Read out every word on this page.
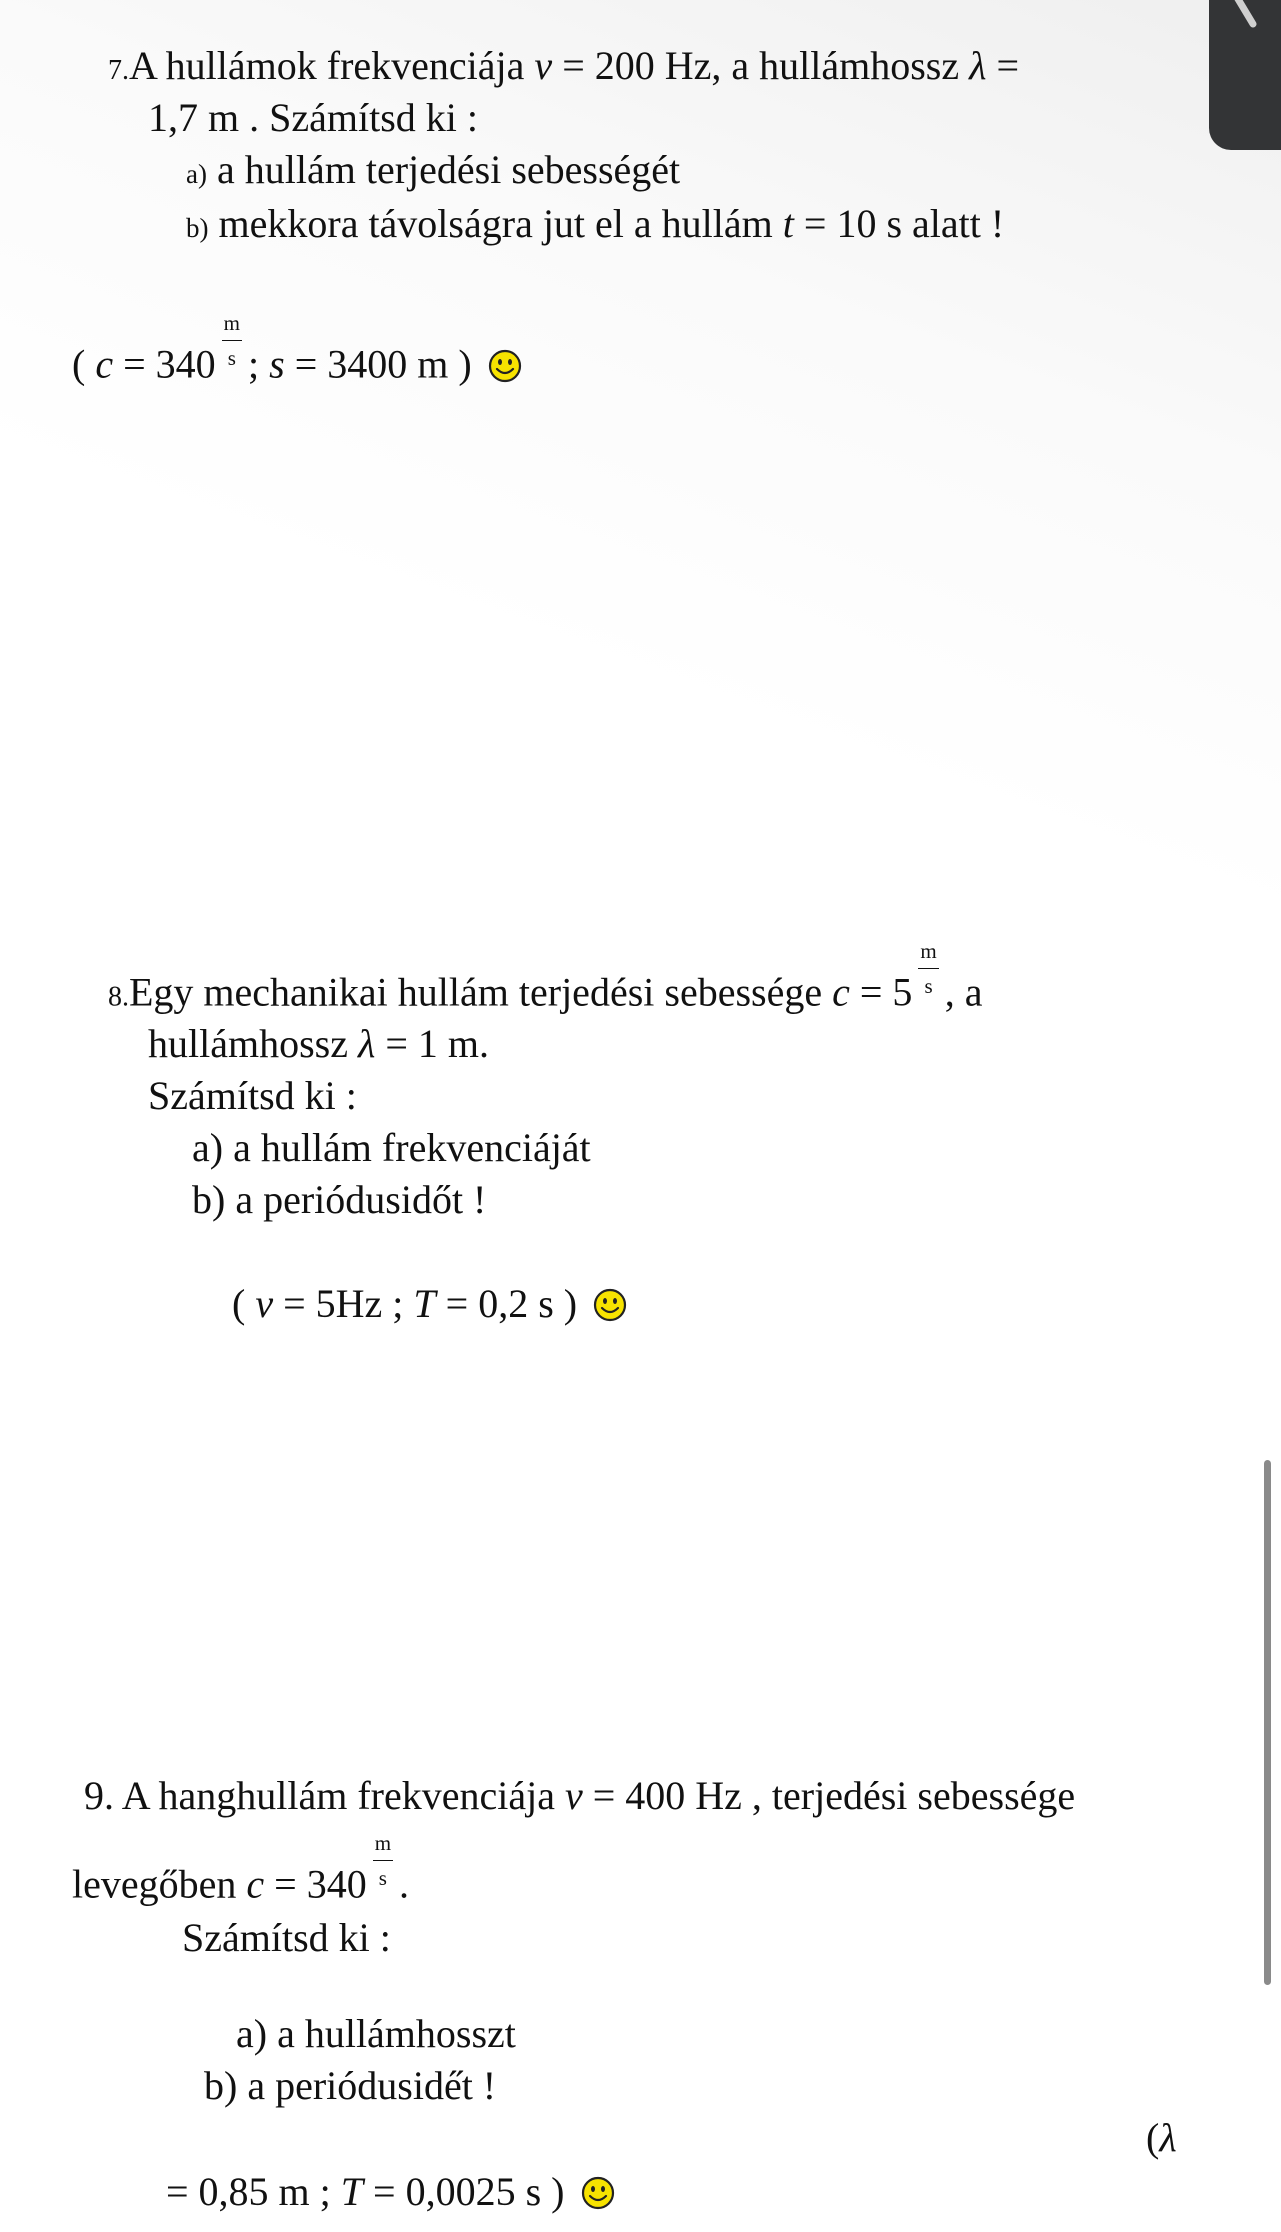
7.A hullámok frekvenciája v = 200 Hz, a hullámhossz λ =
1,7 m . Számítsd ki :
a) a hullám terjedési sebességét
b) mekkora távolságra jut el a hullám t = 10 s alatt !
( $c = 340 \frac{m}{s}$ ; s = 3400 m )
8.Egy mechanikai hullám terjedési sebessége $c = 5 \frac{m}{s}$ , a
hullámhossz λ = 1 m.
Számítsd ki :
a) a hullám frekvenciáját
b) a periódusidőt !
( v = 5Hz ; T = 0,2 s )
9. A hanghullám frekvenciája v = 400 Hz , terjedési sebessége
levegőben $c = 340 \frac{m}{s}$ .
Számítsd ki :
a) a hullámhosszt
b) a perióduside̋t !
(λ
= 0,85 m ; T = 0,0025 s )
